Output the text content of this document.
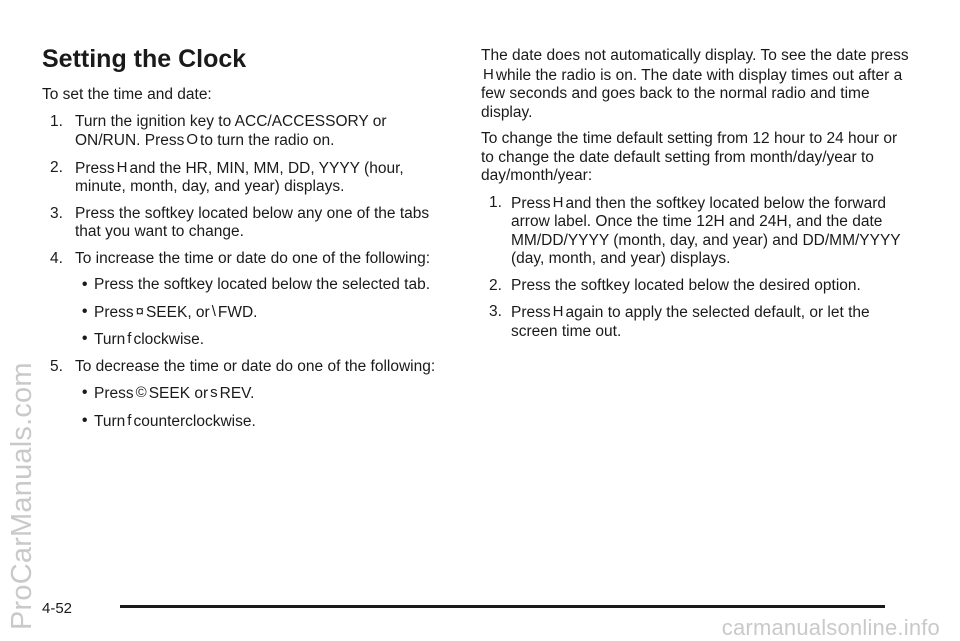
ProCarManuals.com
Setting the Clock

To set the time and date:

1. Turn the ignition key to ACC/ACCESSORY or ON/RUN. Press O to turn the radio on.
2. Press H and the HR, MIN, MM, DD, YYYY (hour, minute, month, day, and year) displays.
3. Press the softkey located below any one of the tabs that you want to change.
4. To increase the time or date do one of the following:
• Press the softkey located below the selected tab.
• Press ¤ SEEK, or \ FWD.
• Turn f clockwise.
5. To decrease the time or date do one of the following:
• Press © SEEK or s REV.
• Turn f counterclockwise.

The date does not automatically display. To see the date pressH while the radio is on. The date with display times out after a few seconds and goes back to the normal radio and time display.

To change the time default setting from 12 hour to 24 hour or to change the date default setting from month/day/year to day/month/year:

1. Press H and then the softkey located below the forward arrow label. Once the time 12H and 24H, and the date MM/DD/YYYY (month, day, and year) and DD/MM/YYYY (day, month, and year) displays.
2. Press the softkey located below the desired option.
3. Press H again to apply the selected default, or let the screen time out.
4-52
carmanualsonline.info
